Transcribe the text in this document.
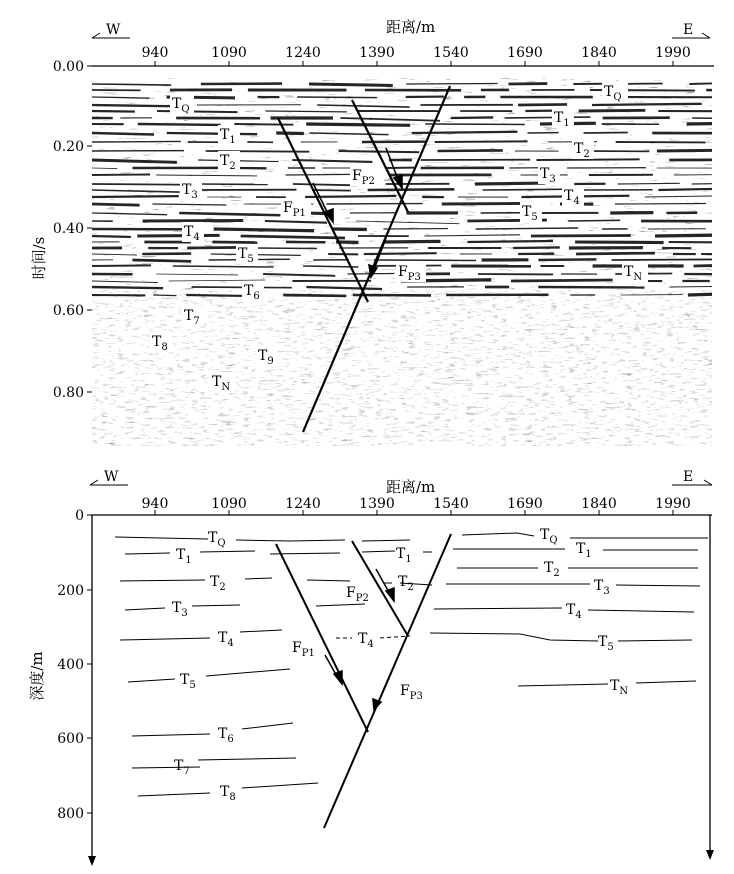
W	E
距离/m
940	1090	1240	1390	1540	1690	1840	1990
0.00
0.20
0.40
0.60
0.80
时间/s
$T_Q$
$T_1$
$T_2$
$T_3$
$T_4$
$T_5$
$T_6$
$T_7$
$T_8$
$T_9$
$T_N$
$T_Q$
$T_1$
$T_2$
$T_3$
$T_4$
$T_5$
$T_N$
$F_{P1}$
$F_{P2}$
$F_{P3}$
W	E
距离/m
940	1090	1240	1390	1540	1690	1840	1990
0
200
400
600
800
深度/m
$T_Q$
$T_1$
$T_2$
$T_3$
$T_4$
$T_5$
$T_6$
$T_7$
$T_8$
$T_1$
$T_2$
$T_4$
$T_Q$
$T_1$
$T_2$
$T_3$
$T_4$
$T_5$
$T_N$
$F_{P1}$
$F_{P2}$
$F_{P3}$
